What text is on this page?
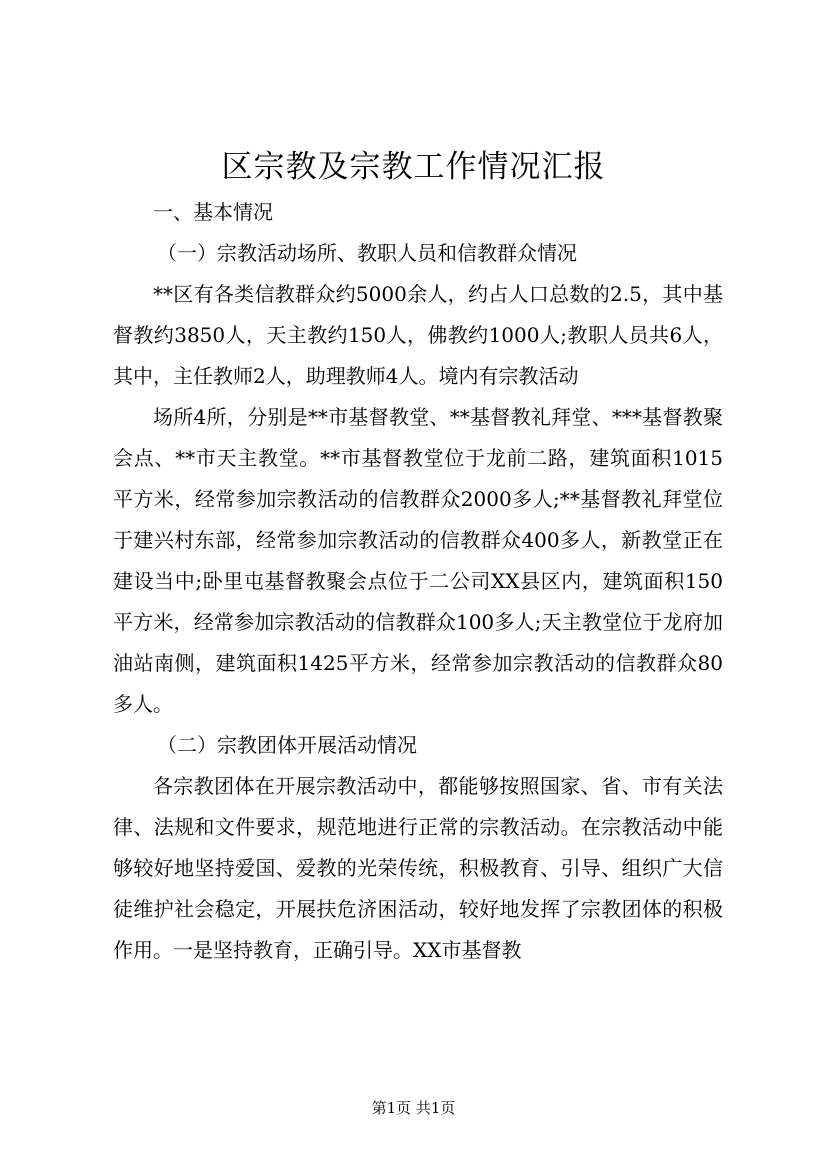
区宗教及宗教工作情况汇报
一、基本情况
（一）宗教活动场所、教职人员和信教群众情况

**区有各类信教群众约5000余人，约占人口总数的2.5，其中基督教约3850人，天主教约150人，佛教约1000人;教职人员共6人，其中，主任教师2人，助理教师4人。境内有宗教活动

场所4所，分别是**市基督教堂、**基督教礼拜堂、***基督教聚会点、**市天主教堂。**市基督教堂位于龙前二路，建筑面积1015平方米，经常参加宗教活动的信教群众2000多人;**基督教礼拜堂位于建兴村东部，经常参加宗教活动的信教群众400多人，新教堂正在建设当中;卧里屯基督教聚会点位于二公司XX县区内，建筑面积150平方米，经常参加宗教活动的信教群众100多人;天主教堂位于龙府加油站南侧，建筑面积1425平方米，经常参加宗教活动的信教群众80多人。

（二）宗教团体开展活动情况

各宗教团体在开展宗教活动中，都能够按照国家、省、市有关法律、法规和文件要求，规范地进行正常的宗教活动。在宗教活动中能够较好地坚持爱国、爱教的光荣传统，积极教育、引导、组织广大信徒维护社会稳定，开展扶危济困活动，较好地发挥了宗教团体的积极作用。一是坚持教育，正确引导。XX市基督教

第1页 共1页
